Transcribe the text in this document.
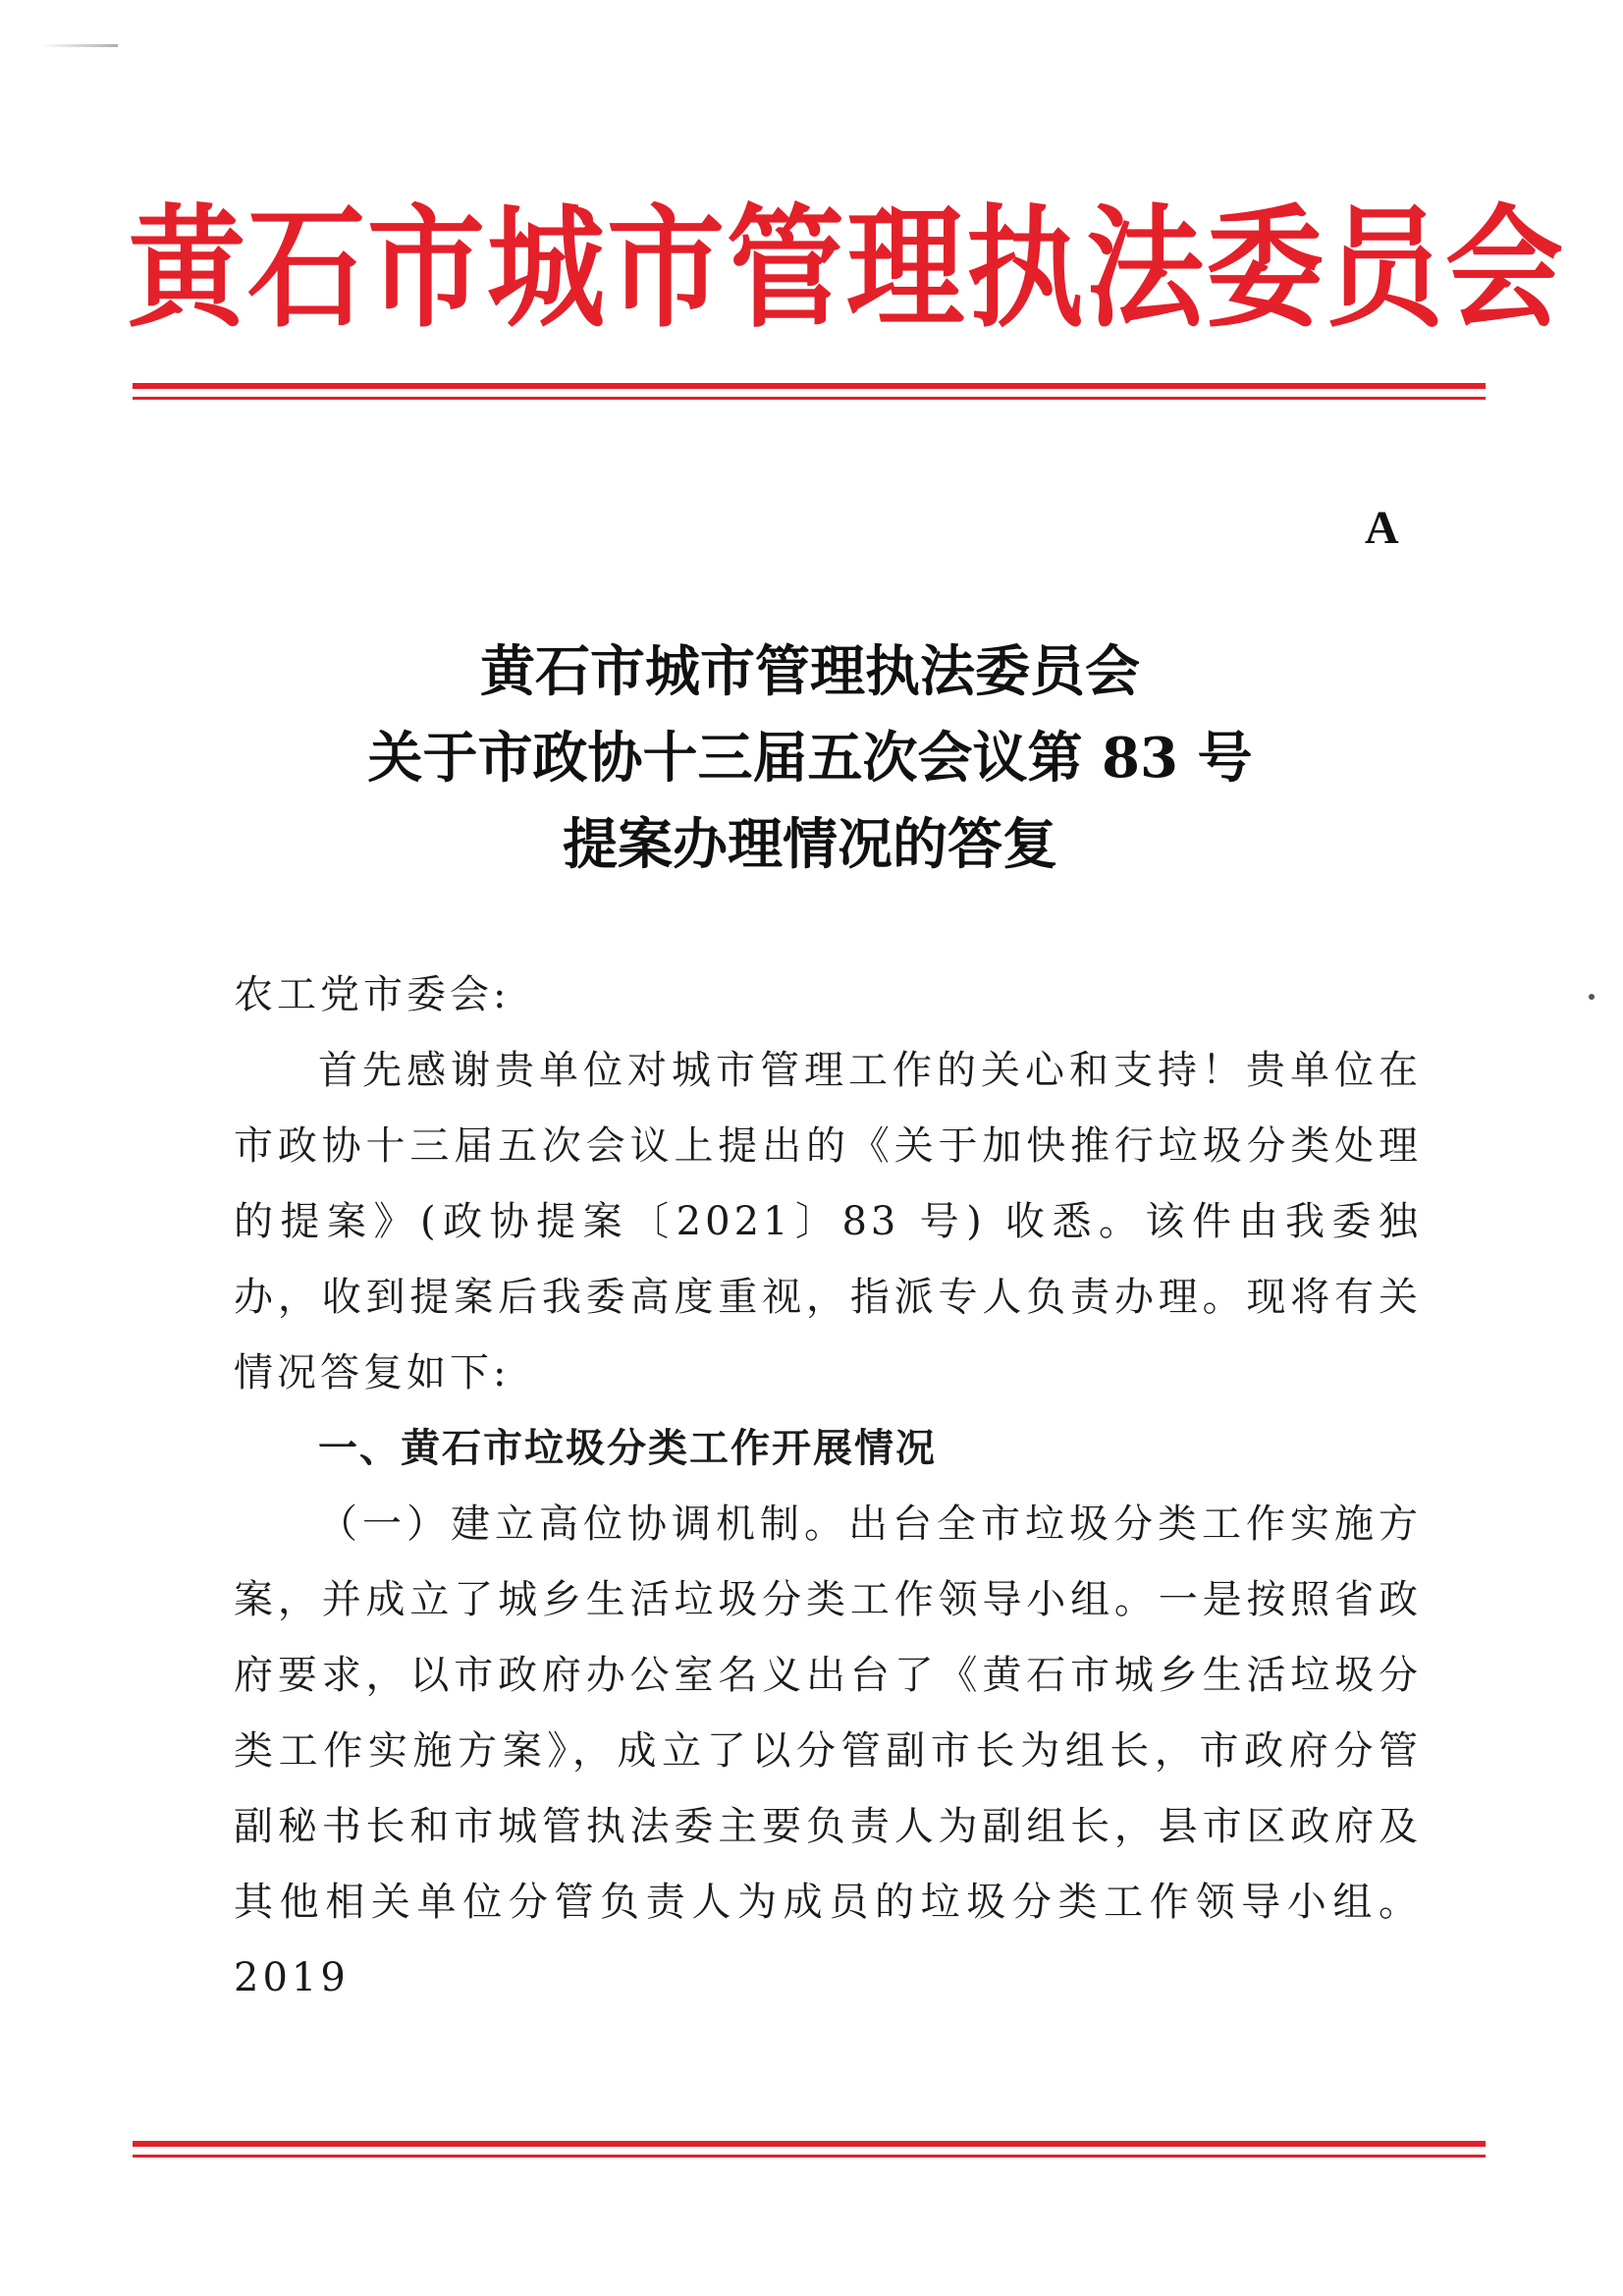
黄石市城市管理执法委员会
A
黄石市城市管理执法委员会
关于市政协十三届五次会议第 83 号
提案办理情况的答复

农工党市委会:

首先感谢贵单位对城市管理工作的关心和支持！贵单位在市政协十三届五次会议上提出的《关于加快推行垃圾分类处理的提案》(政协提案〔2021〕83 号) 收悉。该件由我委独办，收到提案后我委高度重视，指派专人负责办理。现将有关情况答复如下:

一、黄石市垃圾分类工作开展情况

（一）建立高位协调机制。出台全市垃圾分类工作实施方案，并成立了城乡生活垃圾分类工作领导小组。一是按照省政府要求，以市政府办公室名义出台了《黄石市城乡生活垃圾分类工作实施方案》，成立了以分管副市长为组长，市政府分管副秘书长和市城管执法委主要负责人为副组长，县市区政府及其他相关单位分管负责人为成员的垃圾分类工作领导小组。2019
